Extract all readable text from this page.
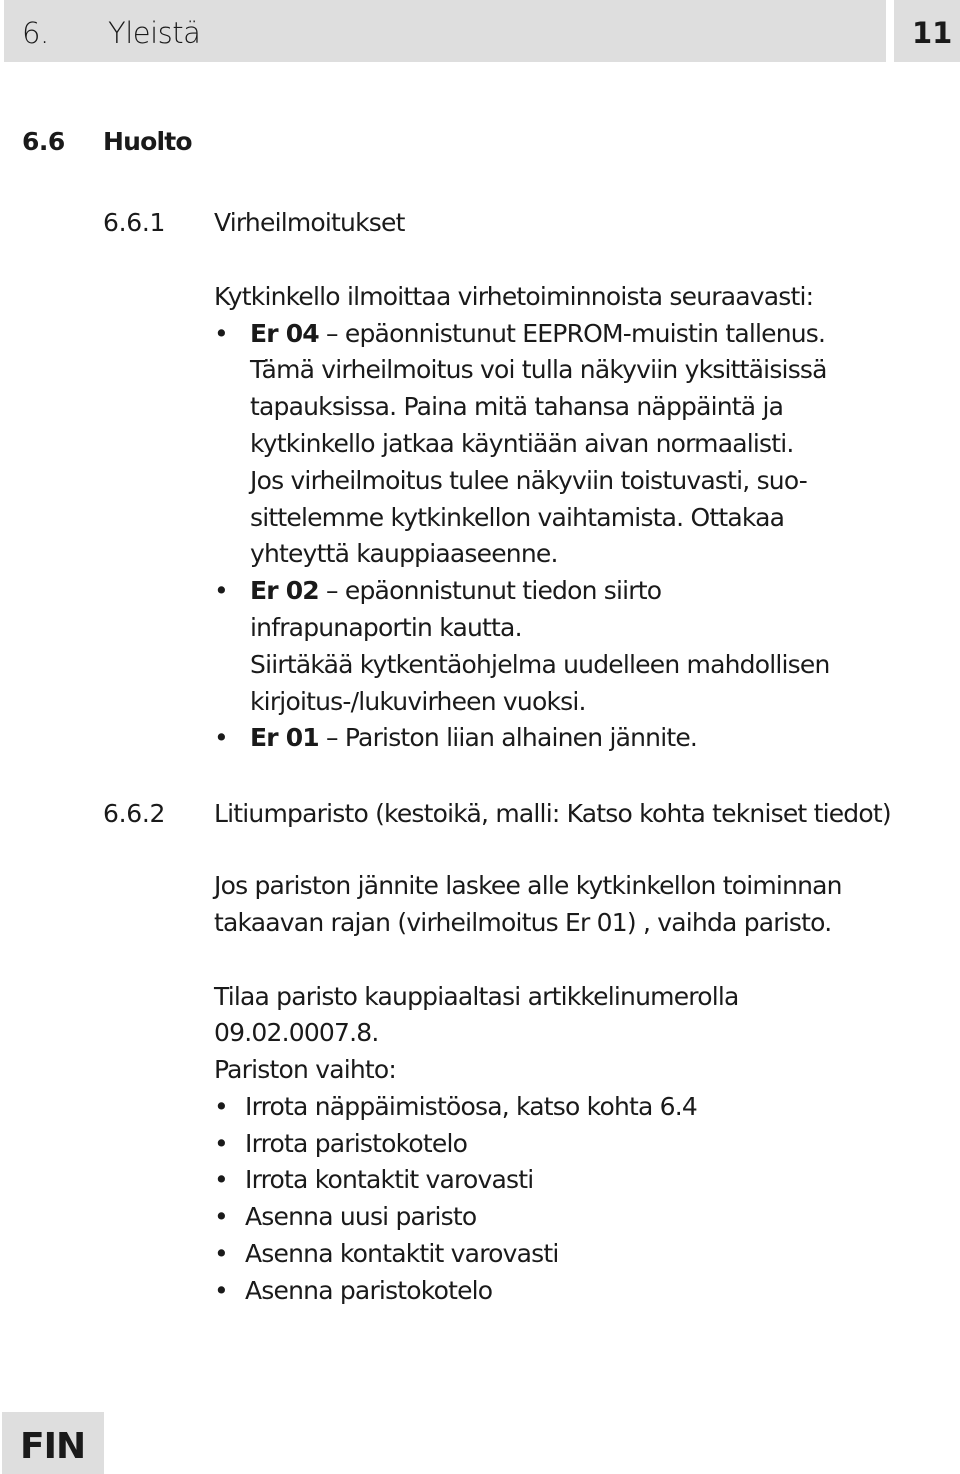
6. Yleistä	11
6.6 Huolto
6.6.1 Virheilmoitukset
Kytkinkello ilmoittaa virhetoiminnoista seuraavasti:
• Er 04 – epäonnistunut EEPROM-muistin tallenus.
Tämä virheilmoitus voi tulla näkyviin yksittäisissä
tapauksissa. Paina mitä tahansa näppäintä ja
kytkinkello jatkaa käyntiään aivan normaalisti.
Jos virheilmoitus tulee näkyviin toistuvasti, suo-
sittelemme kytkinkellon vaihtamista. Ottakaa
yhteyttä kauppiaaseenne.
• Er 02 – epäonnistunut tiedon siirto
infrapunaportin kautta.
Siirtäkää kytkentäohjelma uudelleen mahdollisen
kirjoitus-/lukuvirheen vuoksi.
• Er 01 – Pariston liian alhainen jännite.
6.6.2 Litiumparisto (kestoikä, malli: Katso kohta tekniset tiedot)
Jos pariston jännite laskee alle kytkinkellon toiminnan
takaavan rajan (virheilmoitus Er 01) , vaihda paristo.
Tilaa paristo kauppiaaltasi artikkelinumerolla
09.02.0007.8.
Pariston vaihto:
• Irrota näppäimistöosa, katso kohta 6.4
• Irrota paristokotelo
• Irrota kontaktit varovasti
• Asenna uusi paristo
• Asenna kontaktit varovasti
• Asenna paristokotelo
FIN
